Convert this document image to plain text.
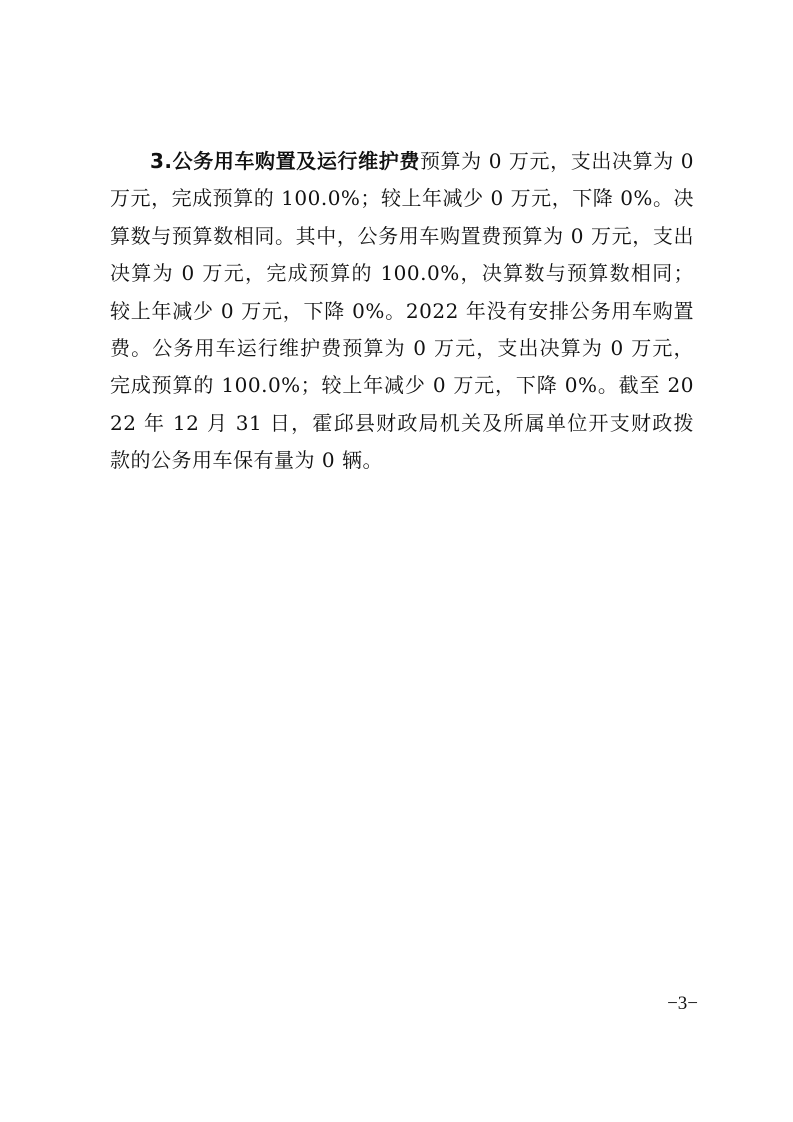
3.公务用车购置及运行维护费预算为 0 万元，支出决算为 0 万元，完成预算的 100.0%；较上年减少 0 万元，下降 0%。决算数与预算数相同。其中，公务用车购置费预算为 0 万元，支出决算为 0 万元，完成预算的 100.0%，决算数与预算数相同；较上年减少 0 万元，下降 0%。2022 年没有安排公务用车购置费。公务用车运行维护费预算为 0 万元，支出决算为 0 万元，完成预算的 100.0%；较上年减少 0 万元，下降 0%。截至 2022 年 12 月 31 日，霍邱县财政局机关及所属单位开支财政拨款的公务用车保有量为 0 辆。

−3−
